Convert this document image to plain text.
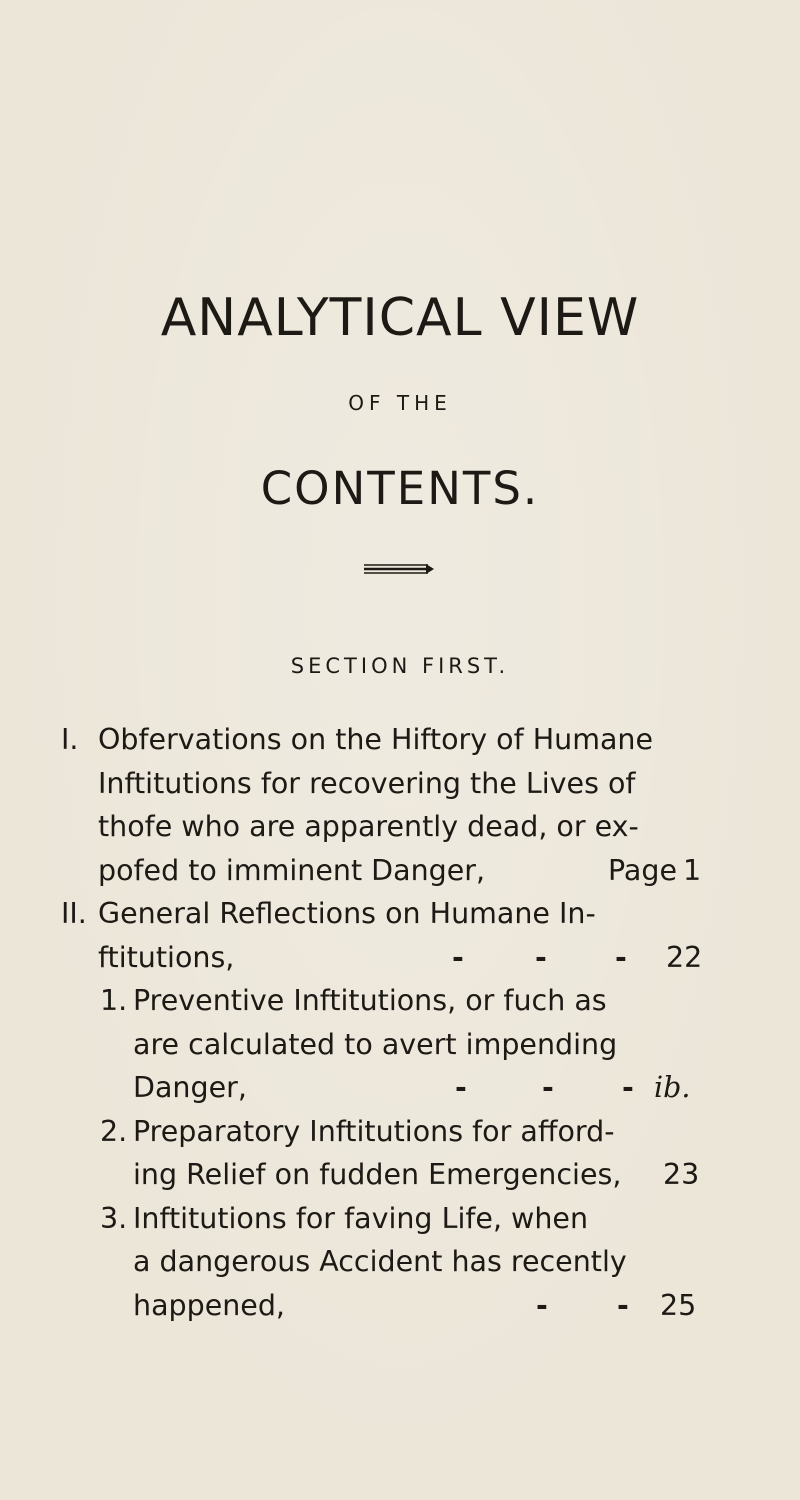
ANALYTICAL VIEW
OF THE
CONTENTS.
SECTION FIRST.
I. Obfervations on the Hiftory of Humane
Inftitutions for recovering the Lives of
thofe who are apparently dead, or ex-
pofed to imminent Danger,	Page 1
II. General Reflections on Humane In-
ftitutions,	- - - 22
1. Preventive Inftitutions, or fuch as
are calculated to avert impending
Danger,	-	- - ib.
2. Preparatory Inftitutions for afford-
ing Relief on fudden Emergencies, 23
3. Inftitutions for faving Life, when
a dangerous Accident has recently
happened,	- - 25
